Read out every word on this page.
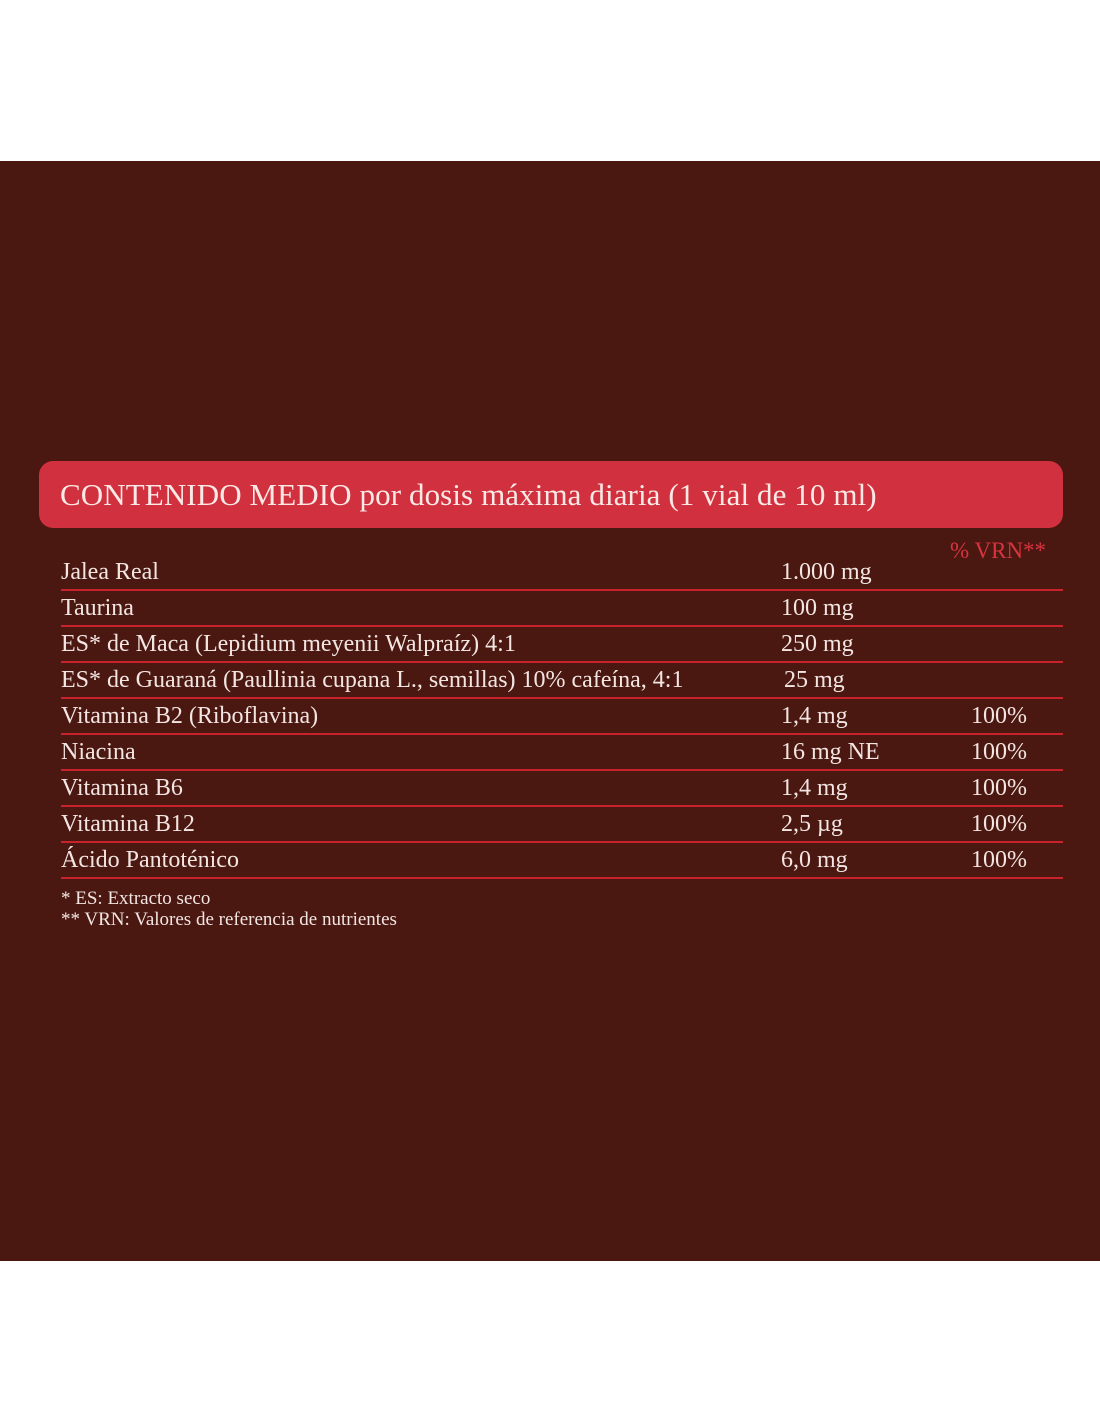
CONTENIDO MEDIO por dosis máxima diaria (1 vial de 10 ml)
% VRN**
Jalea Real	1.000 mg
Taurina	100 mg
ES* de Maca (Lepidium meyenii Walpraíz) 4:1	250 mg
ES* de Guaraná (Paullinia cupana L., semillas) 10% cafeína, 4:1	25 mg
Vitamina B2 (Riboflavina)	1,4 mg	100%
Niacina	16 mg NE	100%
Vitamina B6	1,4 mg	100%
Vitamina B12	2,5 µg	100%
Ácido Pantoténico	6,0 mg	100%
* ES: Extracto seco
** VRN: Valores de referencia de nutrientes
